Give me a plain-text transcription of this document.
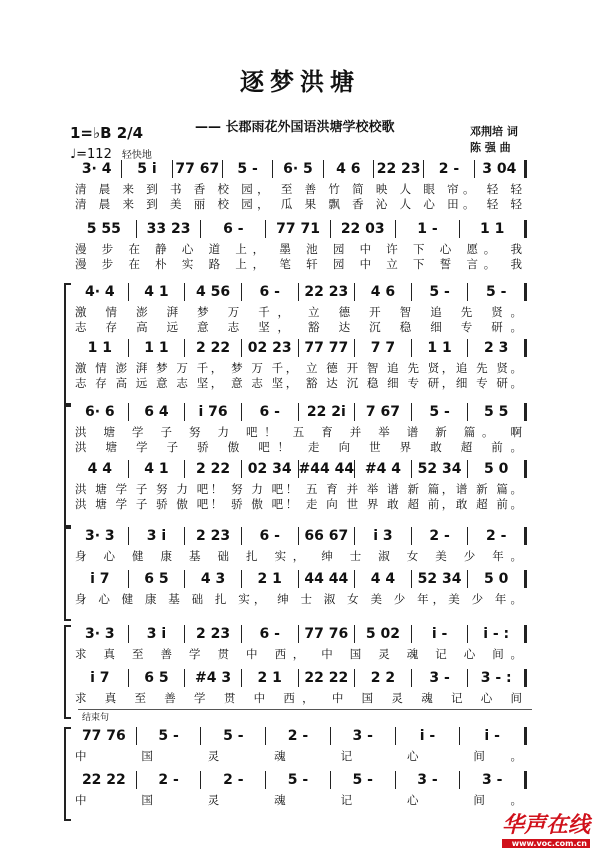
逐梦洪塘
—— 长郡雨花外国语洪塘学校校歌
1=♭B 2/4
♩=112 轻快地
邓荆培 词
陈 强 曲
3· 4	5 i	77 67	5 -	6· 5	4 6	22 23	2 -	3 04
清 晨 来 到 书 香 校 园， 至 善 竹 简 映 人 眼 帘。 轻 轻
清 晨 来 到 美 丽 校 园， 瓜 果 飘 香 沁 人 心 田。 轻 轻
5 55	33 23	6 -	77 71	22 03	1 -	1 1
漫 步 在 静 心 道 上， 墨 池 园 中 许 下 心 愿。 我
漫 步 在 朴 实 路 上， 笔 轩 园 中 立 下 誓 言。 我
4· 4	4 1	4 56	6 -	22 23	4 6	5 -	5 -
激 情 澎 湃 梦 万 千， 立 德 开 智 追 先 贤。
志 存 高 远 意 志 坚， 豁 达 沉 稳 细 专 研。
1 1	1 1	2 22	02 23 77 77	7 7	1 1	2 3
激 情 澎 湃 梦 万 千， 梦 万 千， 立 德 开 智 追 先 贤，追 先 贤。
志 存 高 远 意 志 坚， 意 志 坚， 豁 达 沉 稳 细 专 研，细 专 研。
6· 6	6 4	i 76	6 -	22 2i	7 67	5 -	5 5
洪 塘 学 子 努 力 吧！ 五 育 并 举 谱 新 篇。 啊
洪 塘 学 子 骄 傲 吧！ 走 向 世 界 敢 超 前。
4 4	4 1	2 22	02 34 #44 44 #4 4	52 34	5 0
洪 塘 学 子 努 力 吧！ 努 力 吧！ 五 育 并 举 谱 新 篇，谱 新 篇。
洪 塘 学 子 骄 傲 吧！ 骄 傲 吧！ 走 向 世 界 敢 超 前，敢 超 前。
3· 3	3 i	2 23	6 -	66 67	i 3	2 -	2 -
身 心 健 康 基 础 扎 实， 绅 士 淑 女 美 少 年。
i 7	6 5	4 3	2 1	44 44	4 4	52 34	5 0
身 心 健 康 基 础 扎 实， 绅 士 淑 女 美 少 年，美 少 年。
3· 3	3 i	2 23	6 -	77 76	5 02	i -	i - :
求 真 至 善 学 贯 中 西， 中 国 灵 魂 记 心 间。
i 7	6 5	#4 3	2 1	22 22	2 2	3 -	3 - :
求 真 至 善 学 贯 中 西， 中 国 灵 魂 记 心 间
77 76	5 -	5 -	2 -	3 -	i -	i -
中 国 灵 魂 记 心 间。
22 22	2 -	2 -	5 -	5 -	3 -	3 -
中 国 灵 魂 记 心 间。
结束句
华声在线
www.voc.com.cn
